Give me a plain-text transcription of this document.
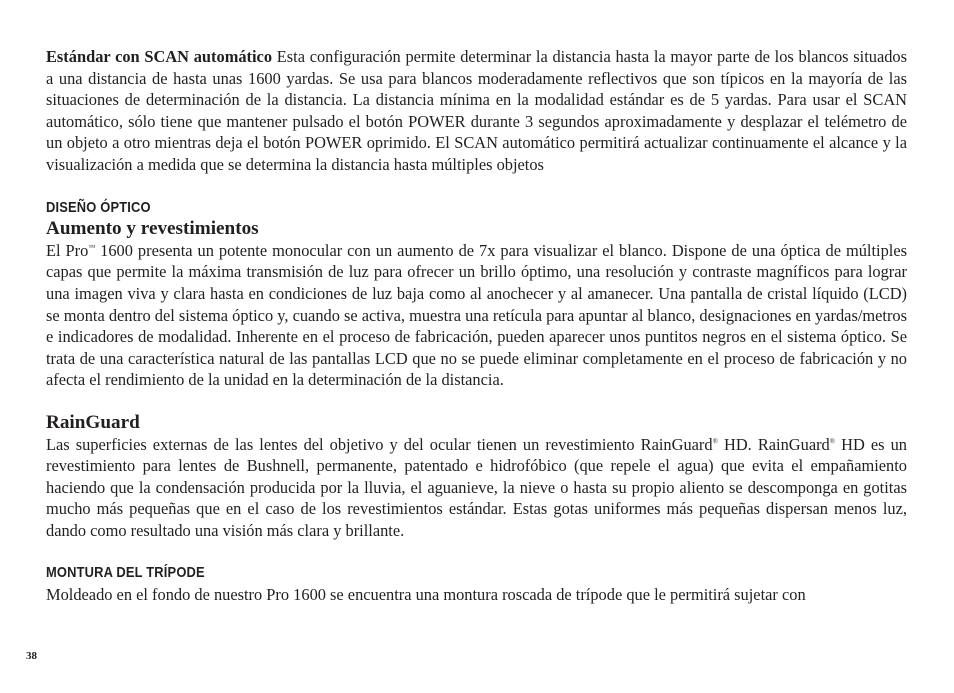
Estándar con SCAN automático Esta configuración permite determinar la distancia hasta la mayor parte de los blancos situados a una distancia de hasta unas 1600 yardas. Se usa para blancos moderadamente reflectivos que son típicos en la mayoría de las situaciones de determinación de la distancia. La distancia mínima en la modalidad estándar es de 5 yardas. Para usar el SCAN automático, sólo tiene que mantener pulsado el botón POWER durante 3 segundos aproximadamente y desplazar el telémetro de un objeto a otro mientras deja el botón POWER oprimido. El SCAN automático permitirá actualizar continuamente el alcance y la visualización a medida que se determina la distancia hasta múltiples objetos

DISEÑO ÓPTICO
Aumento y revestimientos

El Pro™ 1600 presenta un potente monocular con un aumento de 7x para visualizar el blanco. Dispone de una óptica de múltiples capas que permite la máxima transmisión de luz para ofrecer un brillo óptimo, una resolución y contraste magníficos para lograr una imagen viva y clara hasta en condiciones de luz baja como al anochecer y al amanecer. Una pantalla de cristal líquido (LCD) se monta dentro del sistema óptico y, cuando se activa, muestra una retícula para apuntar al blanco, designaciones en yardas/metros e indicadores de modalidad. Inherente en el proceso de fabricación, pueden aparecer unos puntitos negros en el sistema óptico. Se trata de una característica natural de las pantallas LCD que no se puede eliminar completamente en el proceso de fabricación y no afecta el rendimiento de la unidad en la determinación de la distancia.

RainGuard

Las superficies externas de las lentes del objetivo y del ocular tienen un revestimiento RainGuard® HD. RainGuard® HD es un revestimiento para lentes de Bushnell, permanente, patentado e hidrofóbico (que repele el agua) que evita el empañamiento haciendo que la condensación producida por la lluvia, el aguanieve, la nieve o hasta su propio aliento se descomponga en gotitas mucho más pequeñas que en el caso de los revestimientos estándar. Estas gotas uniformes más pequeñas dispersan menos luz, dando como resultado una visión más clara y brillante.

MONTURA DEL TRÍPODE

Moldeado en el fondo de nuestro Pro 1600 se encuentra una montura roscada de trípode que le permitirá sujetar con

38
